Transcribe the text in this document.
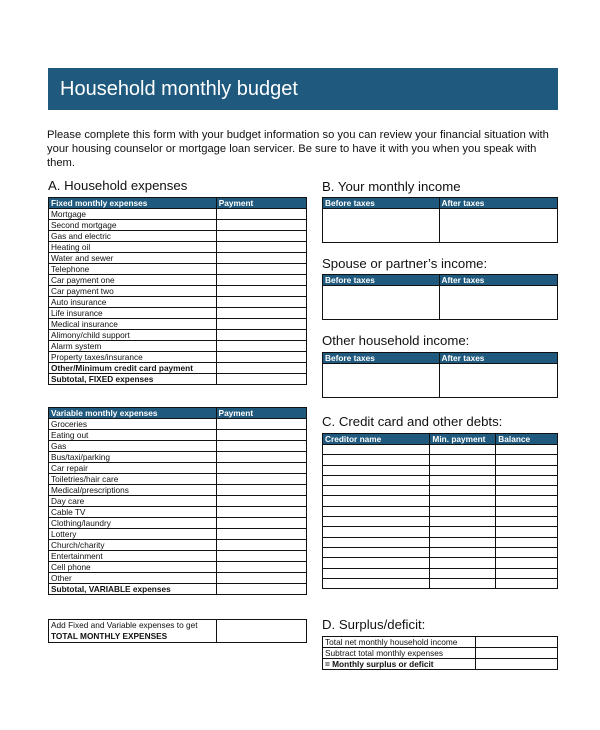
Household monthly budget
Please complete this form with your budget information so you can review your financial situation with your housing counselor or mortgage loan servicer. Be sure to have it with you when you speak with them.
A. Household expenses
Fixed monthly expenses	Payment
Mortgage	
Second mortgage	
Gas and electric	
Heating oil	
Water and sewer	
Telephone	
Car payment one	
Car payment two	
Auto insurance	
Life insurance	
Medical insurance	
Alimony/child support	
Alarm system	
Property taxes/insurance	
Other/Minimum credit card payment	
Subtotal, FIXED expenses	
Variable monthly expenses	Payment
Groceries	
Eating out	
Gas	
Bus/taxi/parking	
Car repair	
Toiletries/hair care	
Medical/prescriptions	
Day care	
Cable TV	
Clothing/laundry	
Lottery	
Church/charity	
Entertainment	
Cell phone	
Other	
Subtotal, VARIABLE expenses	
Add Fixed and Variable expenses to get
TOTAL MONTHLY EXPENSES

B. Your monthly income
Before taxes	After taxes

Spouse or partner’s income:
Before taxes	After taxes

Other household income:
Before taxes	After taxes

C. Credit card and other debts:
Creditor name	Min. payment	Balance

D. Surplus/deficit:
Total net monthly household income	
Subtract total monthly expenses	
= Monthly surplus or deficit	
